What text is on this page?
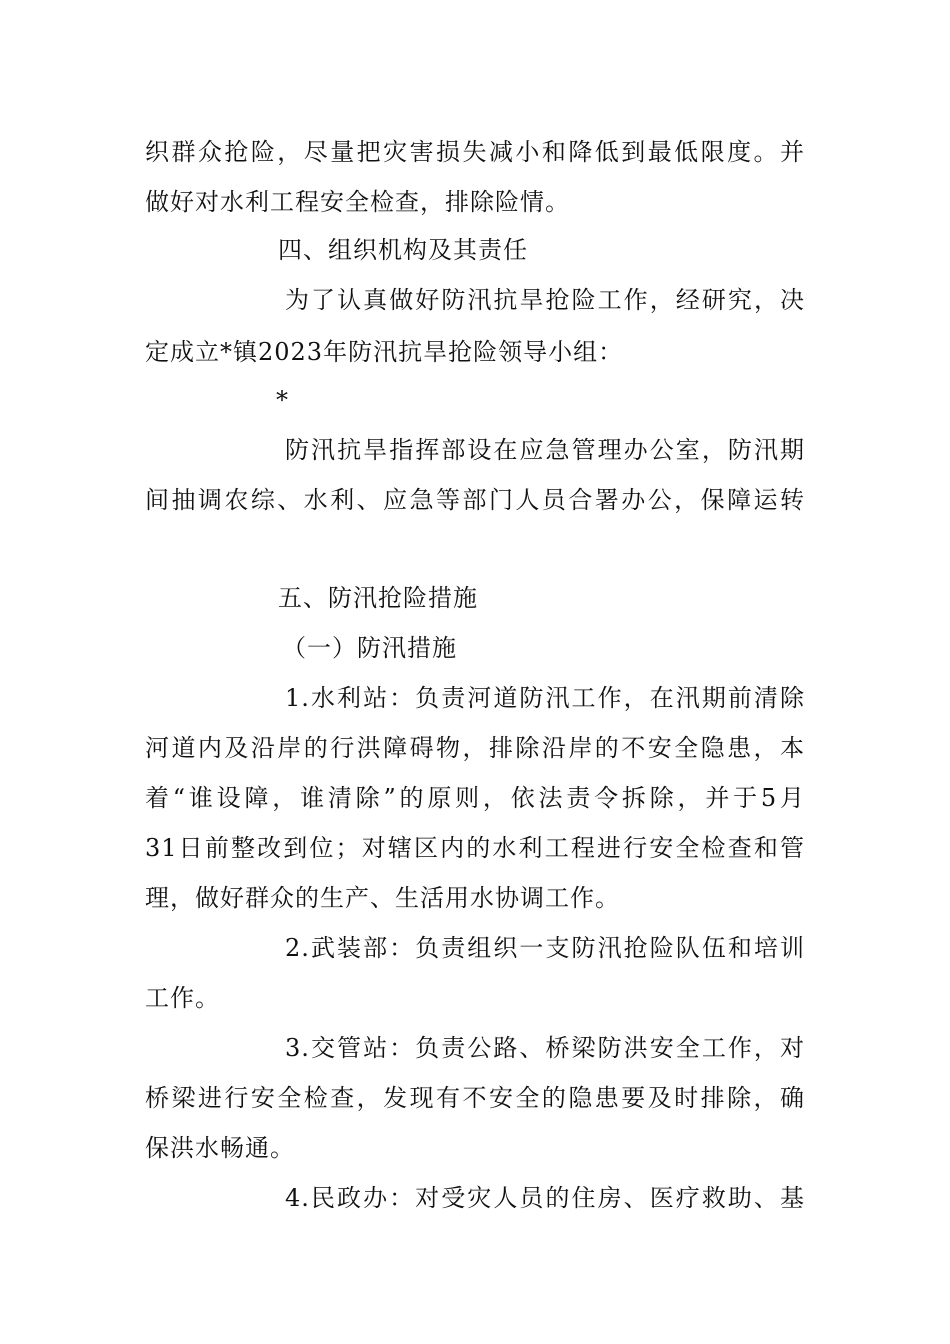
织群众抢险，尽量把灾害损失减小和降低到最低限度。并
做好对水利工程安全检查，排除险情。
四、组织机构及其责任
为了认真做好防汛抗旱抢险工作，经研究，决
定成立*镇2023年防汛抗旱抢险领导小组：
*
防汛抗旱指挥部设在应急管理办公室，防汛期
间抽调农综、水利、应急等部门人员合署办公，保障运转
五、防汛抢险措施
（一）防汛措施
1.水利站：负责河道防汛工作，在汛期前清除
河道内及沿岸的行洪障碍物，排除沿岸的不安全隐患，本
着“谁设障，谁清除”的原则，依法责令拆除，并于5月
31日前整改到位；对辖区内的水利工程进行安全检查和管
理，做好群众的生产、生活用水协调工作。
2.武装部：负责组织一支防汛抢险队伍和培训
工作。
3.交管站：负责公路、桥梁防洪安全工作，对
桥梁进行安全检查，发现有不安全的隐患要及时排除，确
保洪水畅通。
4.民政办：对受灾人员的住房、医疗救助、基
